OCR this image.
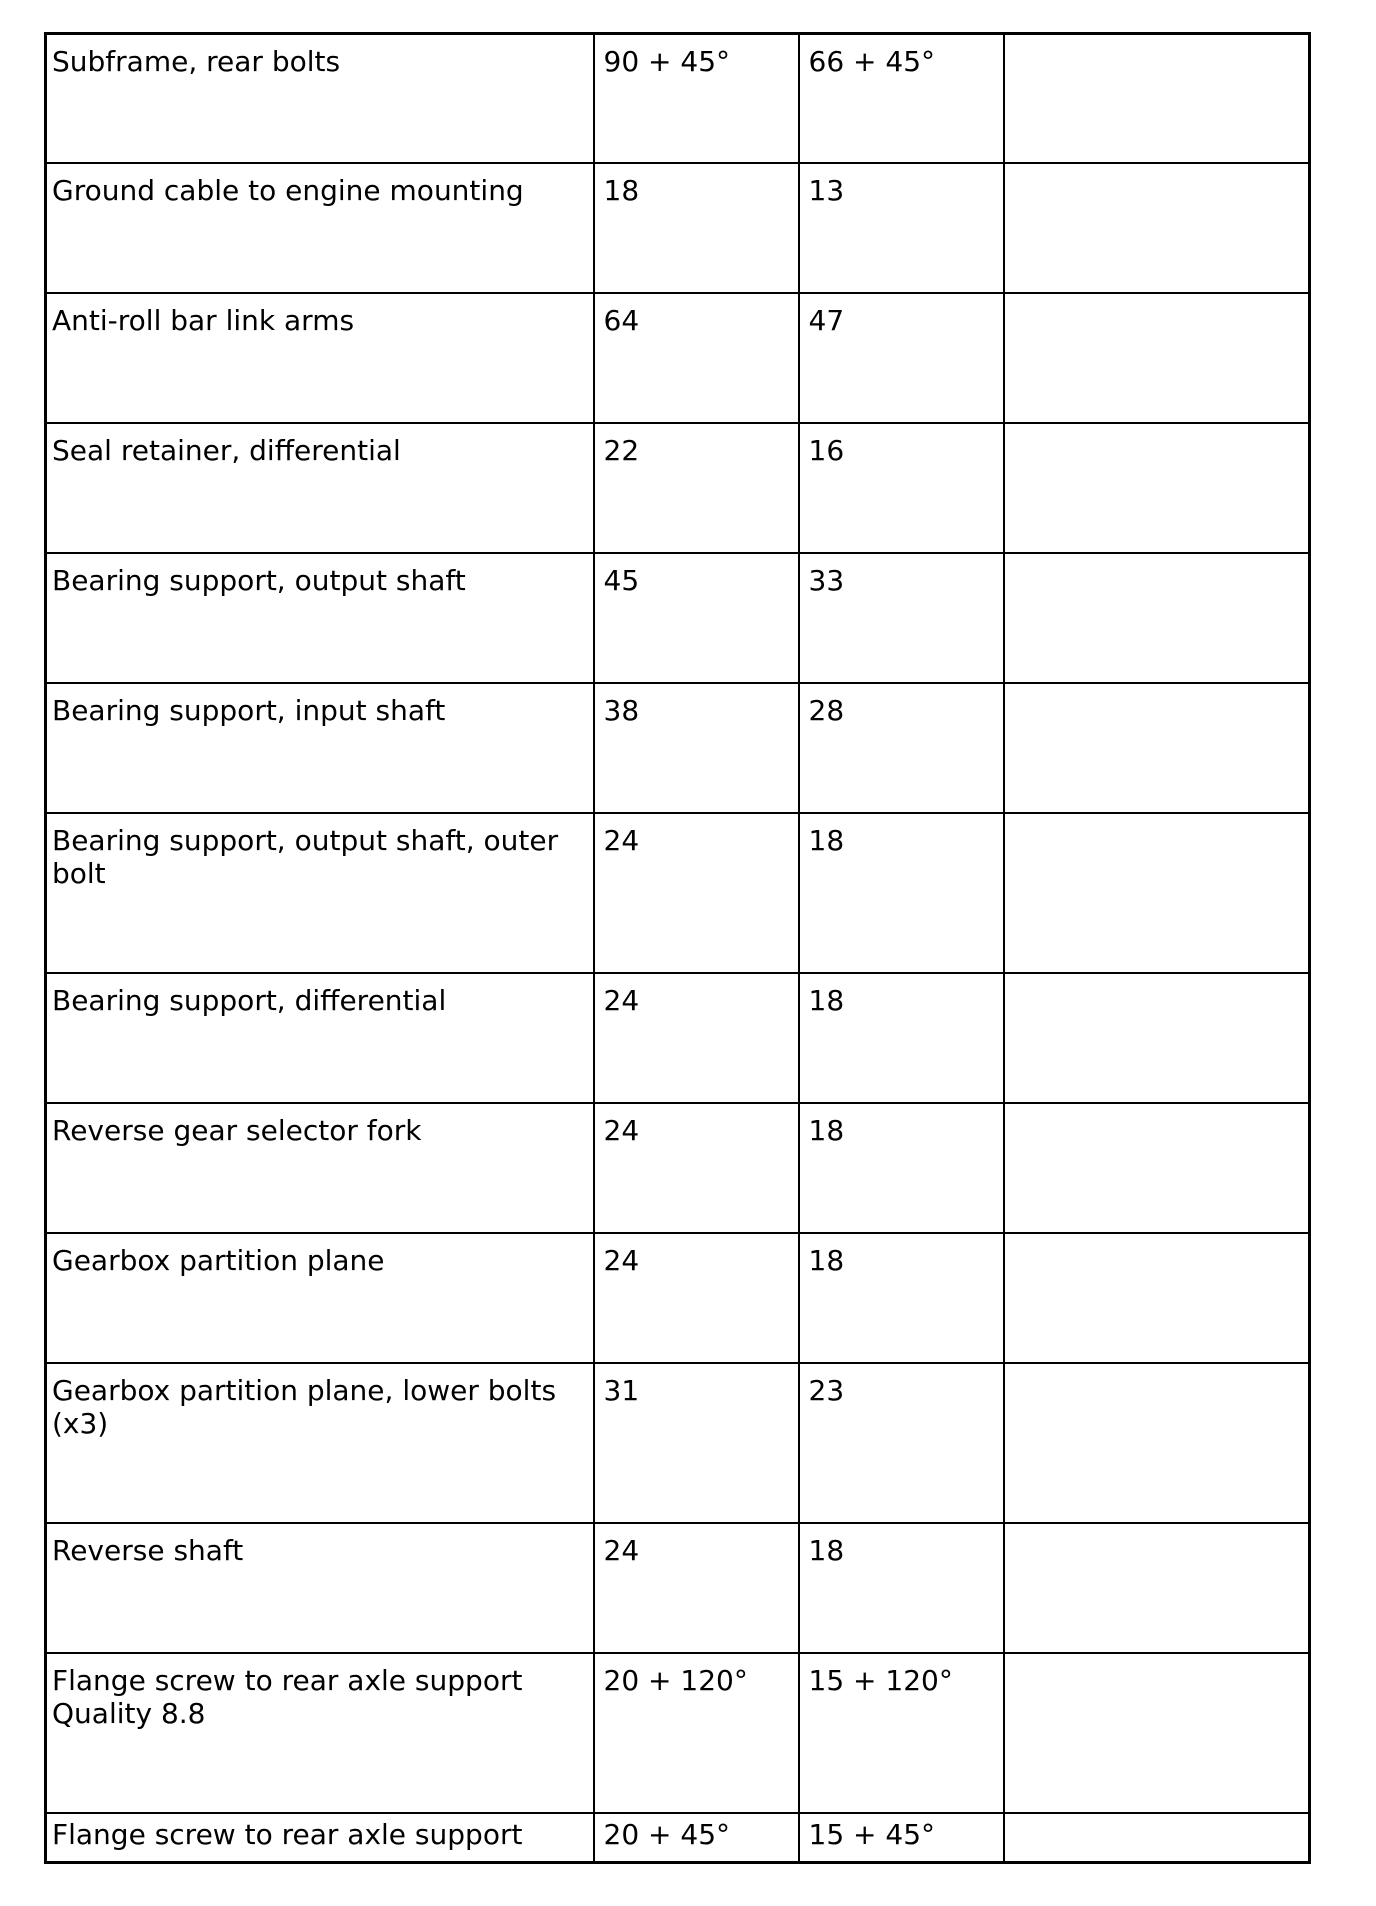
Subframe, rear bolts	90 + 45°	66 + 45°	
Ground cable to engine mounting	18	13	
Anti-roll bar link arms	64	47	
Seal retainer, differential	22	16	
Bearing support, output shaft	45	33	
Bearing support, input shaft	38	28	
Bearing support, output shaft, outer bolt	24	18	
Bearing support, differential	24	18	
Reverse gear selector fork	24	18	
Gearbox partition plane	24	18	
Gearbox partition plane, lower bolts (x3)	31	23	
Reverse shaft	24	18	
Flange screw to rear axle support Quality 8.8	20 + 120°	15 + 120°	
Flange screw to rear axle support	20 + 45°	15 + 45°	
